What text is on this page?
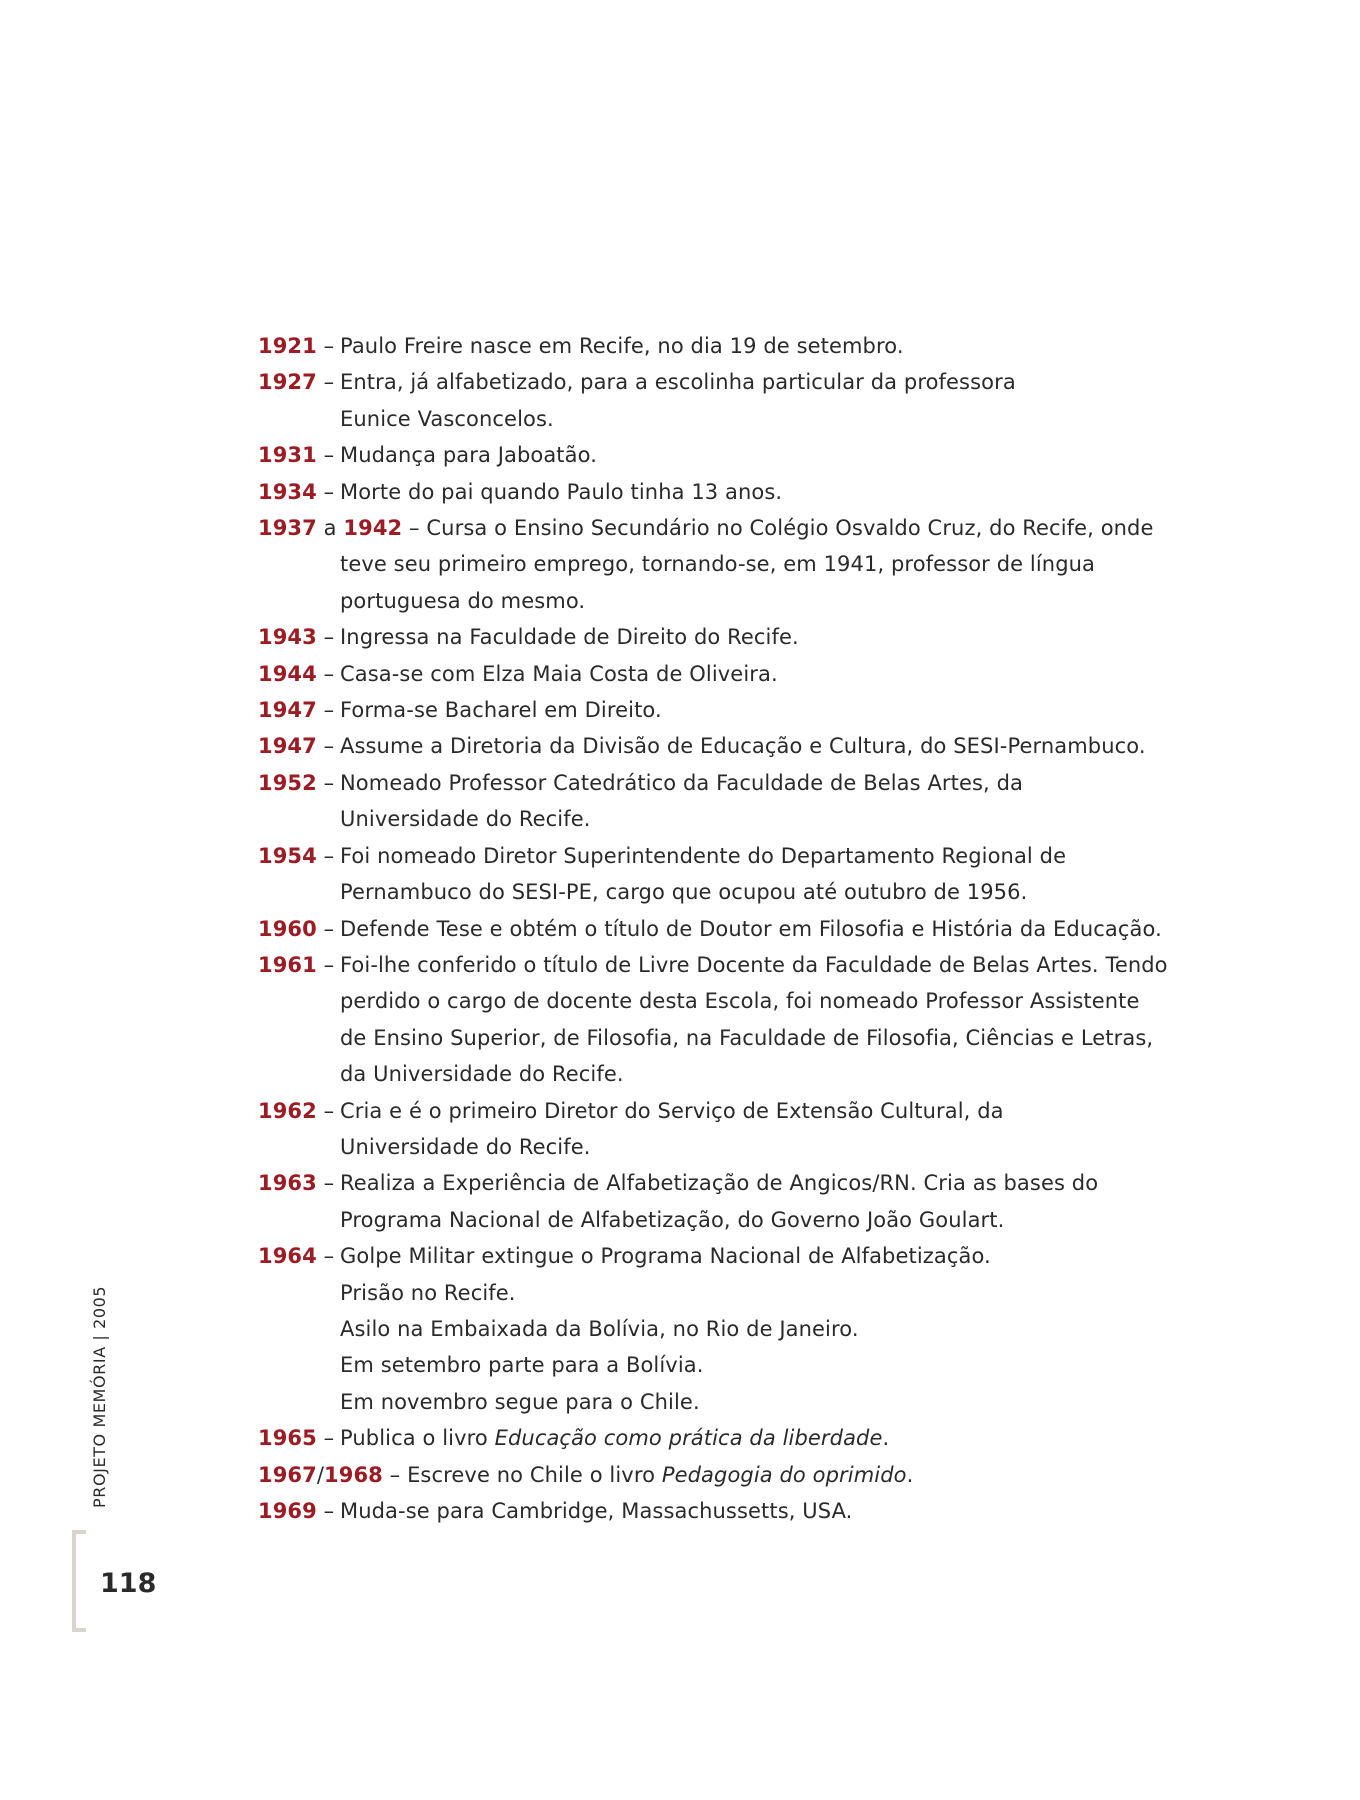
1921 – Paulo Freire nasce em Recife, no dia 19 de setembro.
1927 – Entra, já alfabetizado, para a escolinha particular da professora
Eunice Vasconcelos.
1931 – Mudança para Jaboatão.
1934 – Morte do pai quando Paulo tinha 13 anos.
1937 a 1942 – Cursa o Ensino Secundário no Colégio Osvaldo Cruz, do Recife, onde
teve seu primeiro emprego, tornando-se, em 1941, professor de língua
portuguesa do mesmo.
1943 – Ingressa na Faculdade de Direito do Recife.
1944 – Casa-se com Elza Maia Costa de Oliveira.
1947 – Forma-se Bacharel em Direito.
1947 – Assume a Diretoria da Divisão de Educação e Cultura, do SESI-Pernambuco.
1952 – Nomeado Professor Catedrático da Faculdade de Belas Artes, da
Universidade do Recife.
1954 – Foi nomeado Diretor Superintendente do Departamento Regional de
Pernambuco do SESI-PE, cargo que ocupou até outubro de 1956.
1960 – Defende Tese e obtém o título de Doutor em Filosofia e História da Educação.
1961 – Foi-lhe conferido o título de Livre Docente da Faculdade de Belas Artes. Tendo
perdido o cargo de docente desta Escola, foi nomeado Professor Assistente
de Ensino Superior, de Filosofia, na Faculdade de Filosofia, Ciências e Letras,
da Universidade do Recife.
1962 – Cria e é o primeiro Diretor do Serviço de Extensão Cultural, da
Universidade do Recife.
1963 – Realiza a Experiência de Alfabetização de Angicos/RN. Cria as bases do
Programa Nacional de Alfabetização, do Governo João Goulart.
1964 – Golpe Militar extingue o Programa Nacional de Alfabetização.
Prisão no Recife.
Asilo na Embaixada da Bolívia, no Rio de Janeiro.
Em setembro parte para a Bolívia.
Em novembro segue para o Chile.
1965 – Publica o livro Educação como prática da liberdade.
1967/1968 – Escreve no Chile o livro Pedagogia do oprimido.
1969 – Muda-se para Cambridge, Massachussetts, USA.
PROJETO MEMÓRIA | 2005
118
